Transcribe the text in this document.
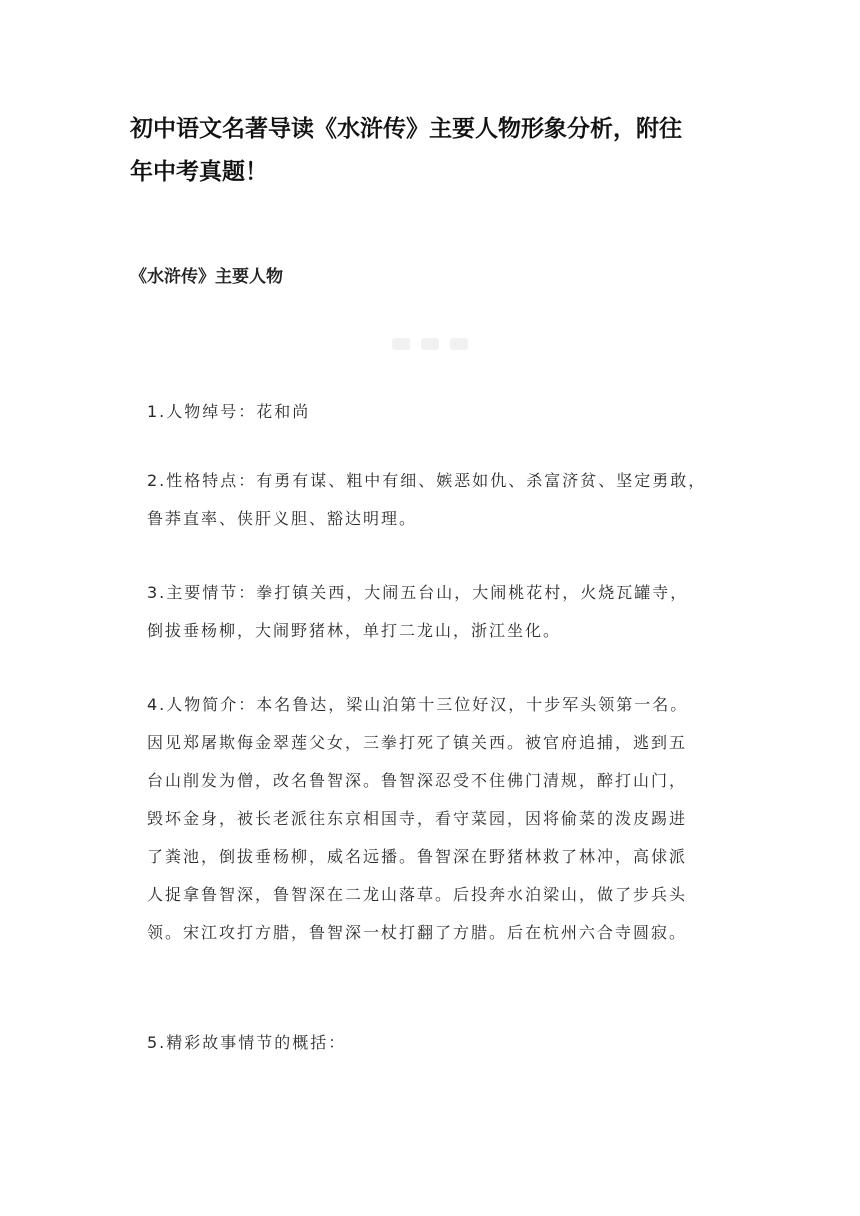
初中语文名著导读《水浒传》主要人物形象分析，附往
年中考真题！
《水浒传》主要人物

1.人物绰号：花和尚

2.性格特点：有勇有谋、粗中有细、嫉恶如仇、杀富济贫、坚定勇敢，
鲁莽直率、侠肝义胆、豁达明理。

3.主要情节：拳打镇关西，大闹五台山，大闹桃花村，火烧瓦罐寺，
倒拔垂杨柳，大闹野猪林，单打二龙山，浙江坐化。

4.人物简介：本名鲁达，梁山泊第十三位好汉，十步军头领第一名。
因见郑屠欺侮金翠莲父女，三拳打死了镇关西。被官府追捕，逃到五
台山削发为僧，改名鲁智深。鲁智深忍受不住佛门清规，醉打山门，
毁坏金身，被长老派往东京相国寺，看守菜园，因将偷菜的泼皮踢进
了粪池，倒拔垂杨柳，威名远播。鲁智深在野猪林救了林冲，高俅派
人捉拿鲁智深，鲁智深在二龙山落草。后投奔水泊梁山，做了步兵头
领。宋江攻打方腊，鲁智深一杖打翻了方腊。后在杭州六合寺圆寂。

5.精彩故事情节的概括：
